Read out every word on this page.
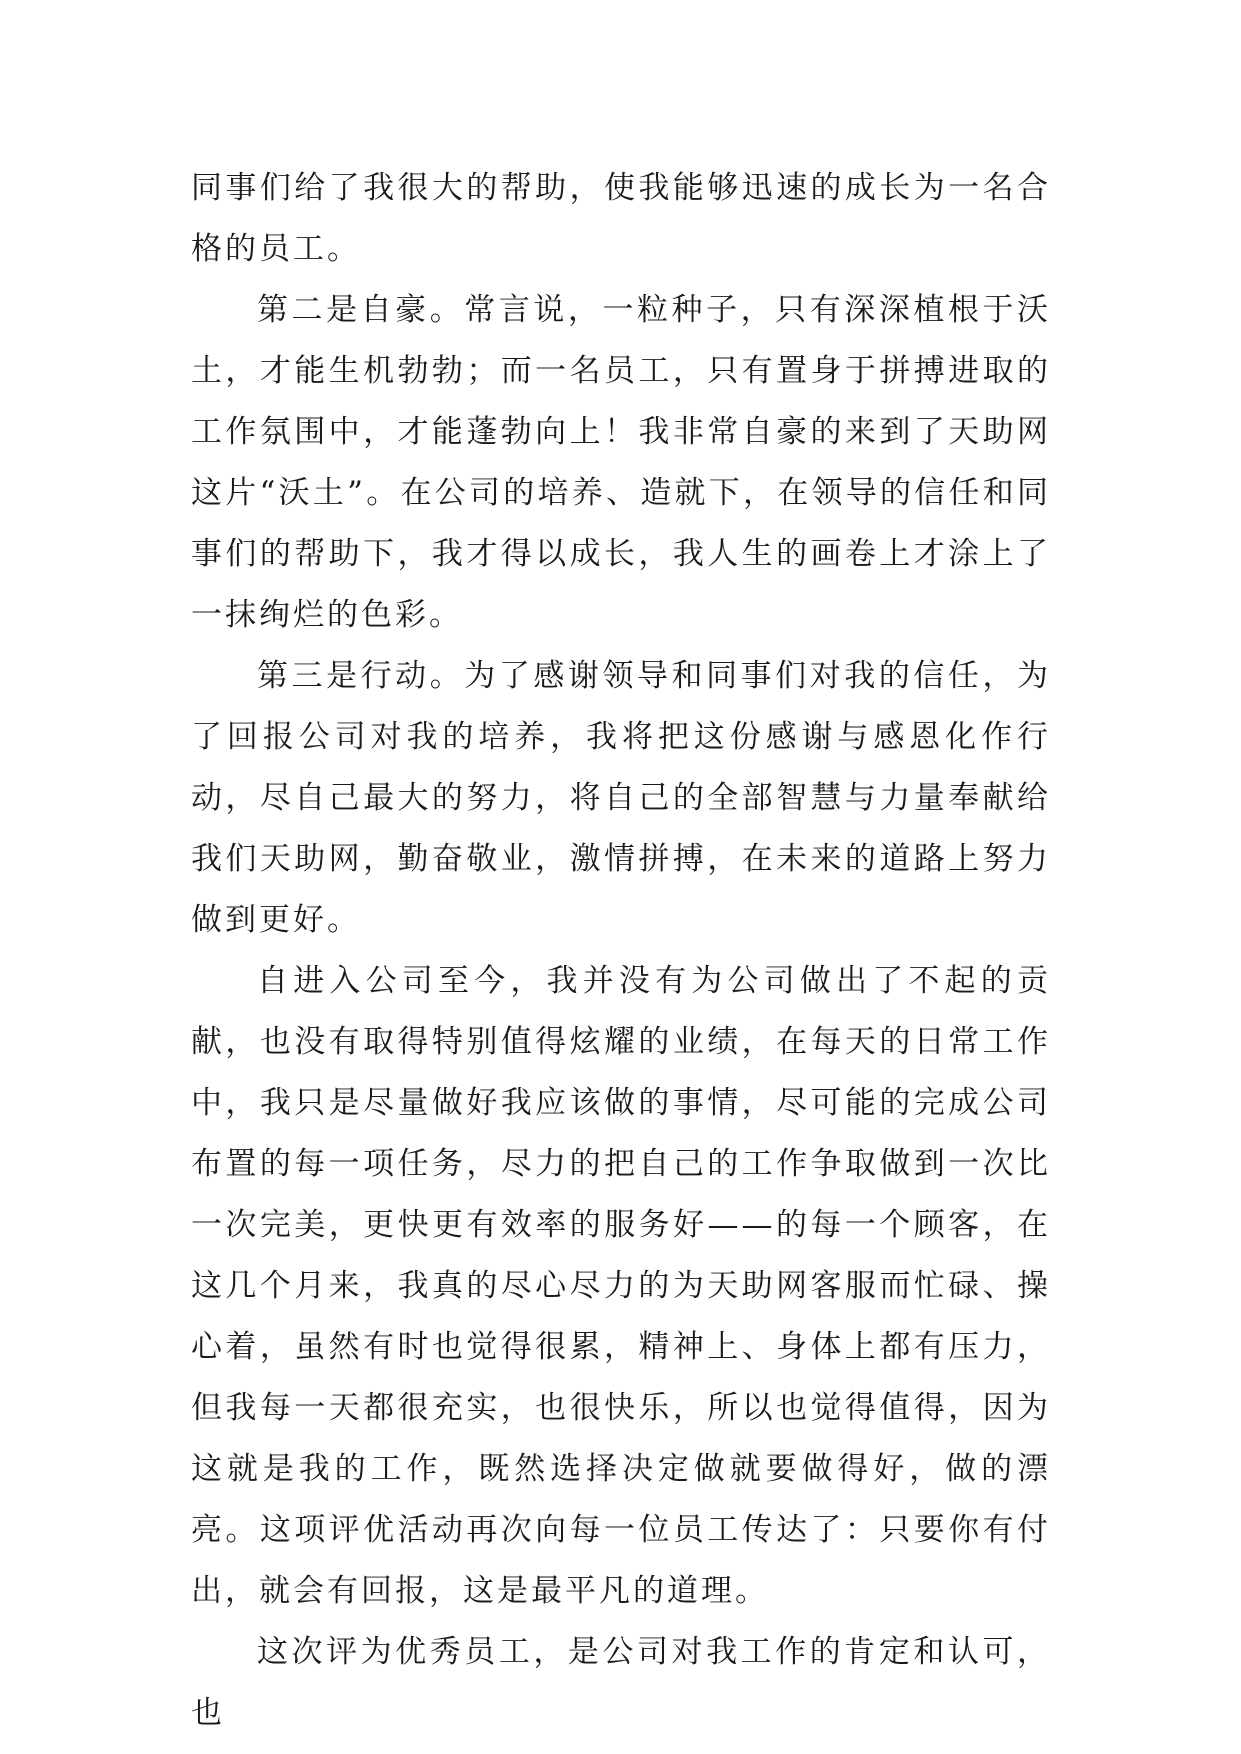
同事们给了我很大的帮助，使我能够迅速的成长为一名合格的员工。

第二是自豪。常言说，一粒种子，只有深深植根于沃土，才能生机勃勃；而一名员工，只有置身于拼搏进取的工作氛围中，才能蓬勃向上！我非常自豪的来到了天助网这片“沃土”。在公司的培养、造就下，在领导的信任和同事们的帮助下，我才得以成长，我人生的画卷上才涂上了一抹绚烂的色彩。

第三是行动。为了感谢领导和同事们对我的信任，为了回报公司对我的培养，我将把这份感谢与感恩化作行动，尽自己最大的努力，将自己的全部智慧与力量奉献给我们天助网，勤奋敬业，激情拼搏，在未来的道路上努力做到更好。

自进入公司至今，我并没有为公司做出了不起的贡献，也没有取得特别值得炫耀的业绩，在每天的日常工作中，我只是尽量做好我应该做的事情，尽可能的完成公司布置的每一项任务，尽力的把自己的工作争取做到一次比一次完美，更快更有效率的服务好——的每一个顾客，在这几个月来，我真的尽心尽力的为天助网客服而忙碌、操心着，虽然有时也觉得很累，精神上、身体上都有压力，但我每一天都很充实，也很快乐，所以也觉得值得，因为这就是我的工作，既然选择决定做就要做得好，做的漂亮。这项评优活动再次向每一位员工传达了：只要你有付出，就会有回报，这是最平凡的道理。

这次评为优秀员工，是公司对我工作的肯定和认可，也
